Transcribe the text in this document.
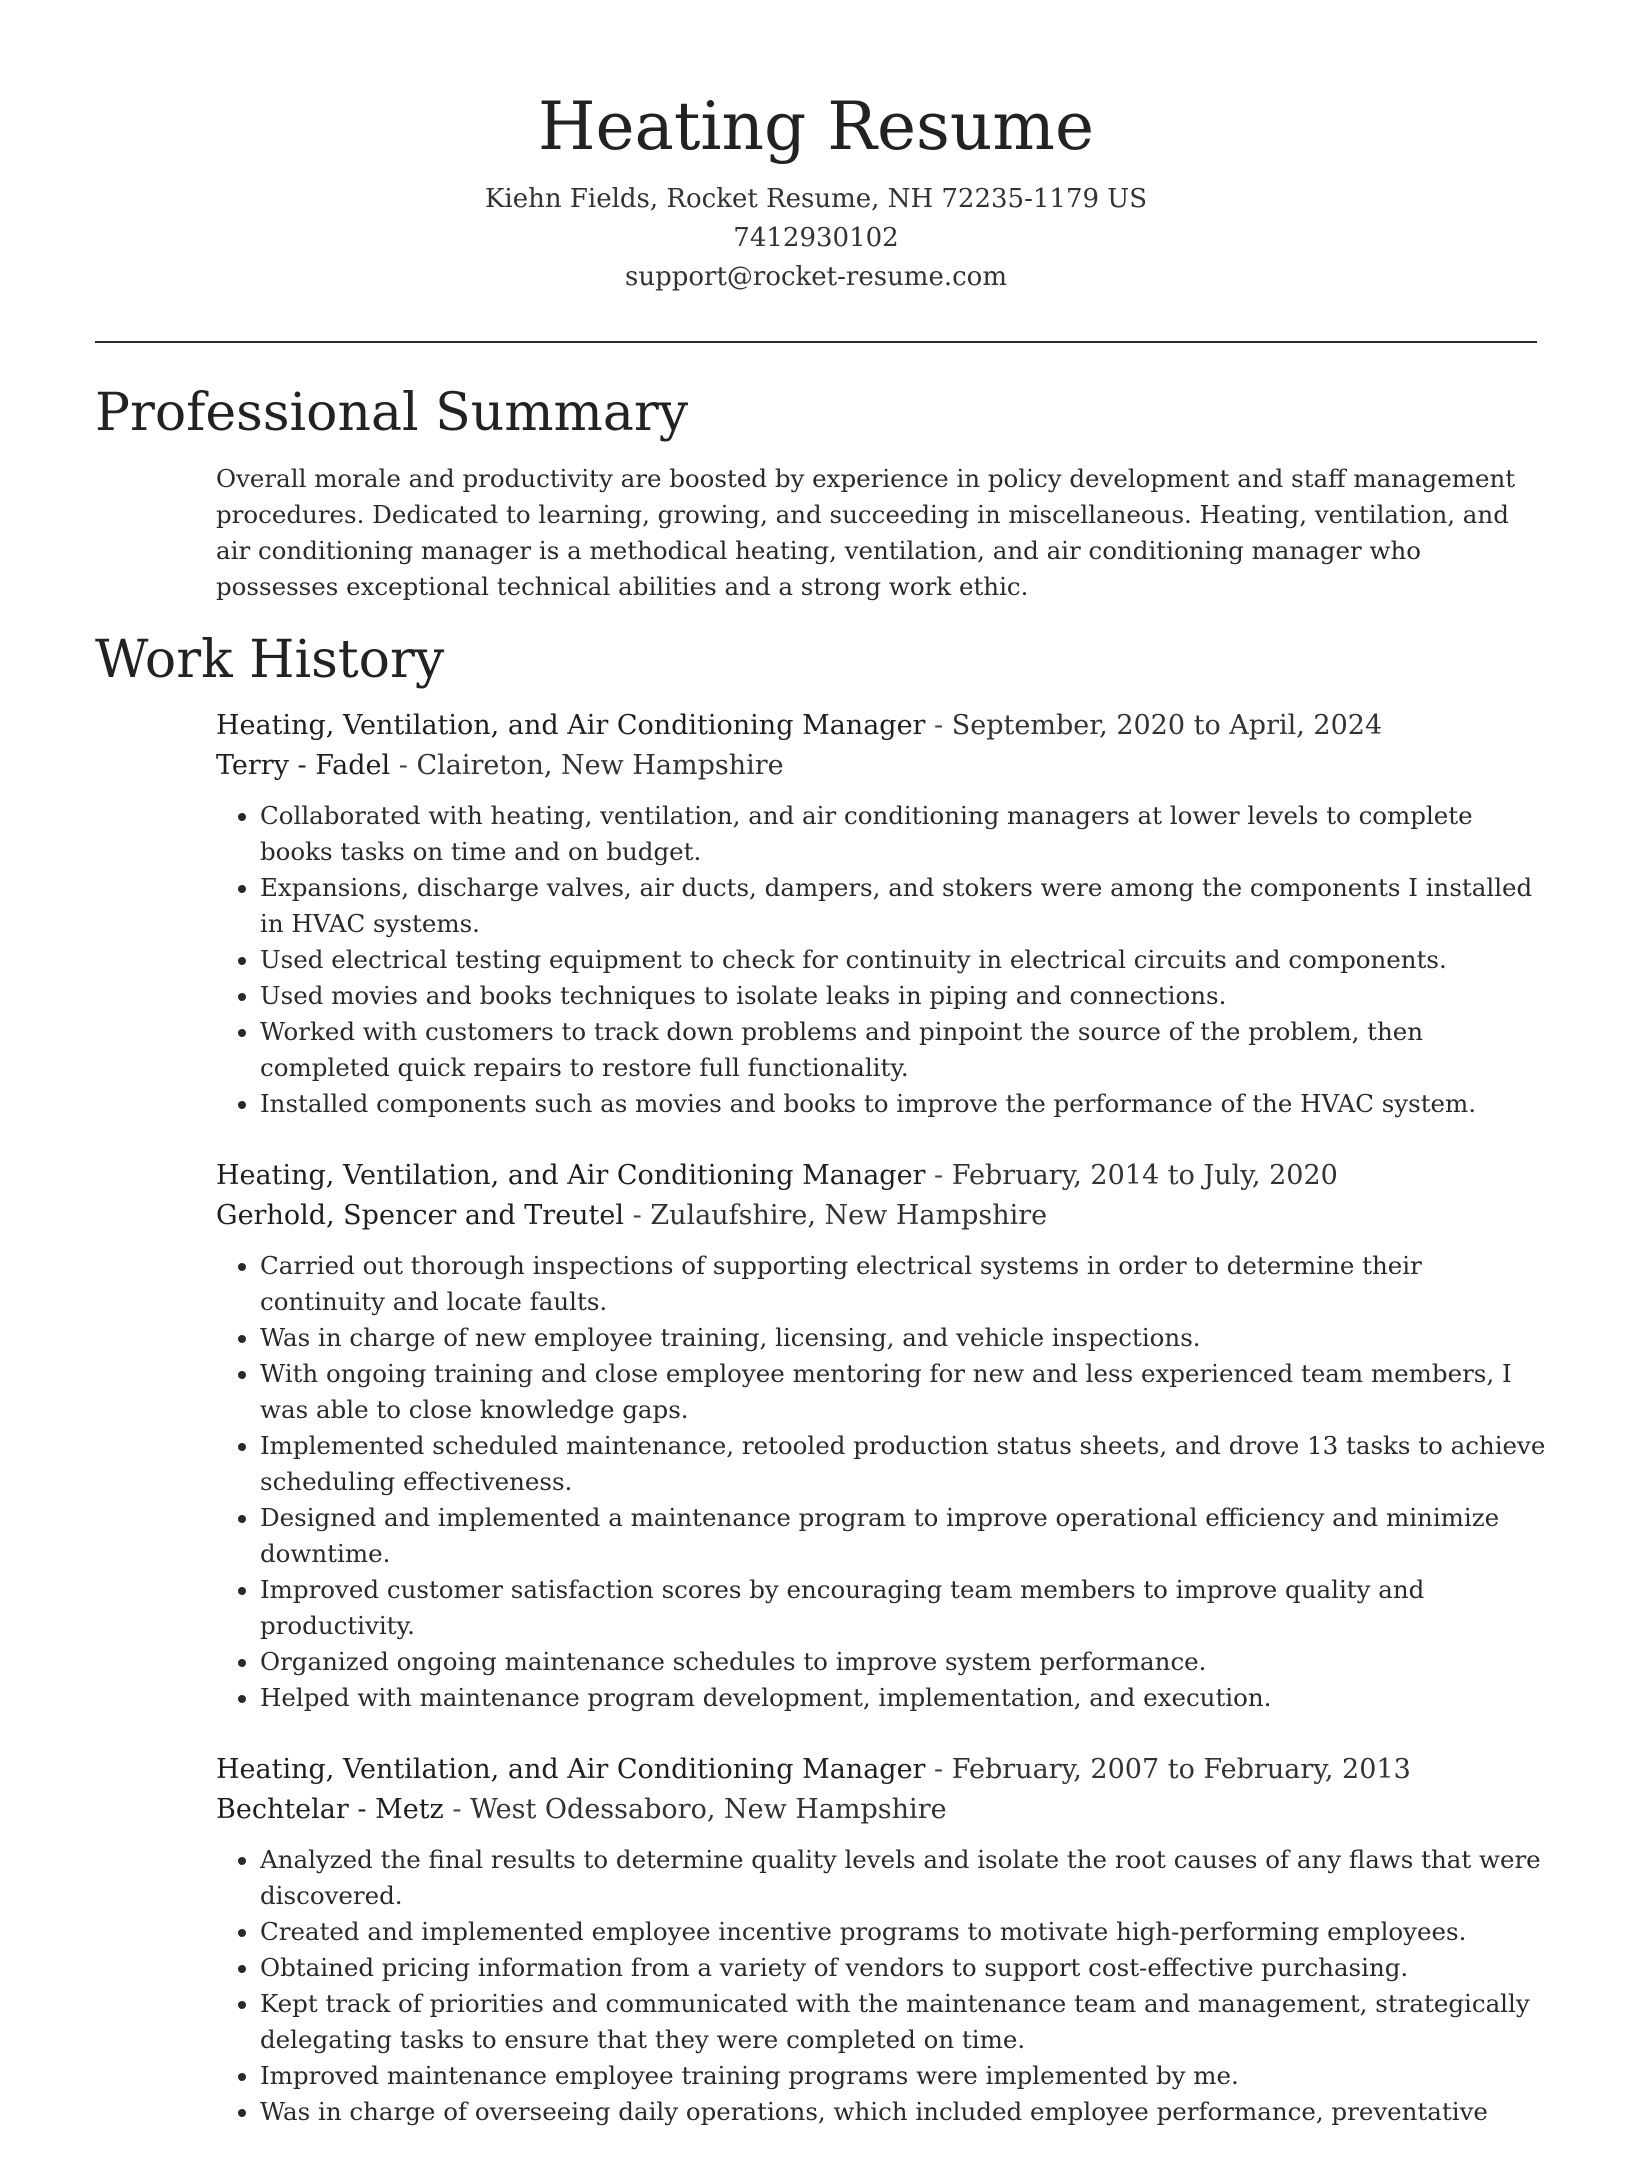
Heating Resume
Kiehn Fields, Rocket Resume, NH 72235-1179 US
7412930102
support@rocket-resume.com
Professional Summary

Overall morale and productivity are boosted by experience in policy development and staff management procedures. Dedicated to learning, growing, and succeeding in miscellaneous. Heating, ventilation, and air conditioning manager is a methodical heating, ventilation, and air conditioning manager who possesses exceptional technical abilities and a strong work ethic.

Work History
Heating, Ventilation, and Air Conditioning Manager - September, 2020 to April, 2024
Terry - Fadel - Claireton, New Hampshire
• Collaborated with heating, ventilation, and air conditioning managers at lower levels to complete books tasks on time and on budget.
• Expansions, discharge valves, air ducts, dampers, and stokers were among the components I installed in HVAC systems.
• Used electrical testing equipment to check for continuity in electrical circuits and components.
• Used movies and books techniques to isolate leaks in piping and connections.
• Worked with customers to track down problems and pinpoint the source of the problem, then completed quick repairs to restore full functionality.
• Installed components such as movies and books to improve the performance of the HVAC system.
Heating, Ventilation, and Air Conditioning Manager - February, 2014 to July, 2020
Gerhold, Spencer and Treutel - Zulaufshire, New Hampshire
• Carried out thorough inspections of supporting electrical systems in order to determine their continuity and locate faults.
• Was in charge of new employee training, licensing, and vehicle inspections.
• With ongoing training and close employee mentoring for new and less experienced team members, I was able to close knowledge gaps.
• Implemented scheduled maintenance, retooled production status sheets, and drove 13 tasks to achieve scheduling effectiveness.
• Designed and implemented a maintenance program to improve operational efficiency and minimize downtime.
• Improved customer satisfaction scores by encouraging team members to improve quality and productivity.
• Organized ongoing maintenance schedules to improve system performance.
• Helped with maintenance program development, implementation, and execution.
Heating, Ventilation, and Air Conditioning Manager - February, 2007 to February, 2013
Bechtelar - Metz - West Odessaboro, New Hampshire
• Analyzed the final results to determine quality levels and isolate the root causes of any flaws that were discovered.
• Created and implemented employee incentive programs to motivate high-performing employees.
• Obtained pricing information from a variety of vendors to support cost-effective purchasing.
• Kept track of priorities and communicated with the maintenance team and management, strategically delegating tasks to ensure that they were completed on time.
• Improved maintenance employee training programs were implemented by me.
• Was in charge of overseeing daily operations, which included employee performance, preventative
